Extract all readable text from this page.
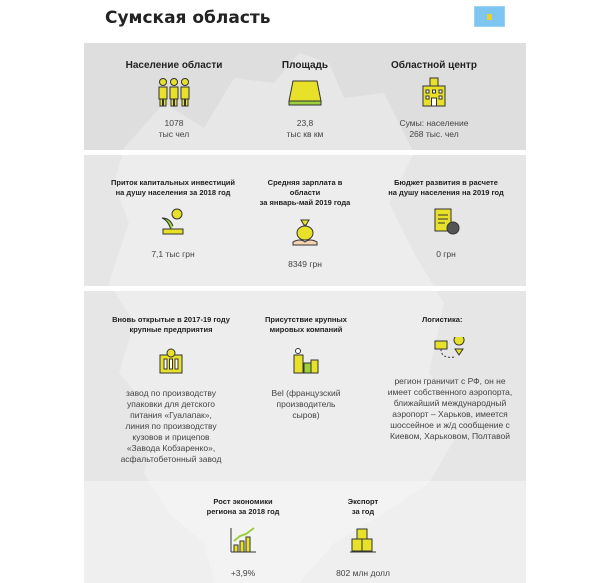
Сумская область
Население области
1078
тыс чел
Площадь
23,8
тыс кв км
Областной центр
Сумы: население
268 тыс. чел
Приток капитальных инвестиций
на душу населения за 2018 год
7,1 тыс грн
Средняя зарплата в области
за январь-май 2019 года
8349 грн
Бюджет развития в расчете
на душу населения на 2019 год
0 грн
Вновь открытые в 2017-19 году
крупные предприятия
завод по производству
упаковки для детского
питания «Гуалапак»,
линия по производству
кузовов и прицепов
«Завода Кобзаренко»,
асфальтобетонный завод
Присутствие крупных
мировых компаний
Bel (французский
производитель
сыров)
Логистика:
регион граничит с РФ, он не
имеет собственного аэропорта,
ближайший международный
аэропорт – Харьков, имеется
шоссейное и ж/д сообщение с
Киевом, Харьковом, Полтавой
Рост экономики
региона за 2018 год
+3,9%
Экспорт
за год
802 млн долл
